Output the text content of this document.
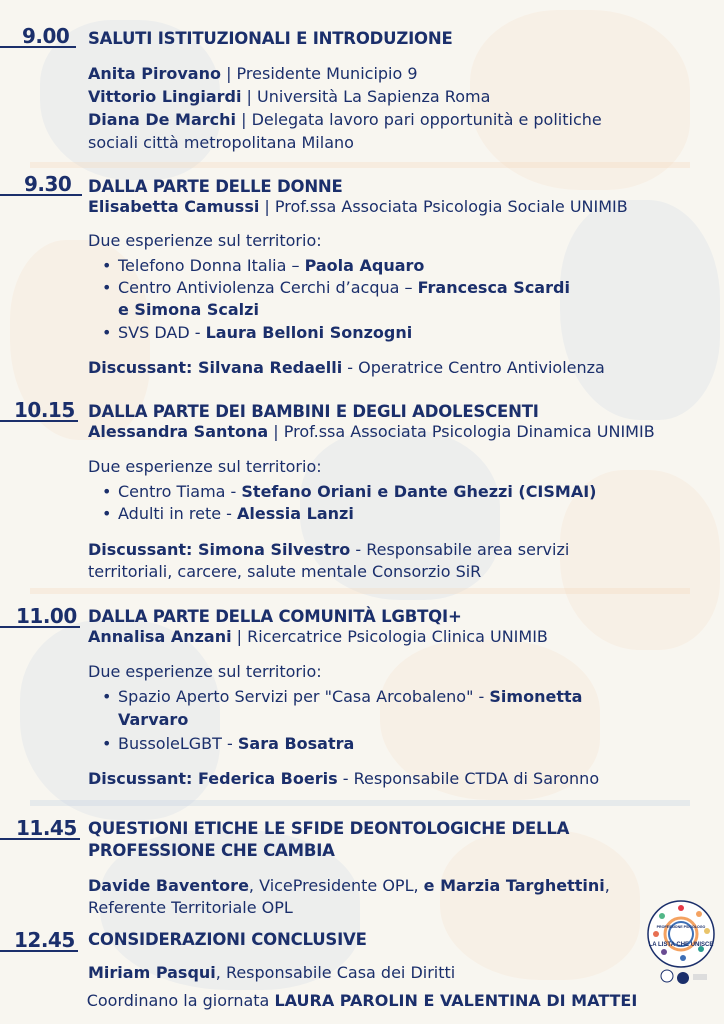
9.00 SALUTI ISTITUZIONALI E INTRODUZIONE
Anita Pirovano | Presidente Municipio 9
Vittorio Lingiardi | Università La Sapienza Roma
Diana De Marchi | Delegata lavoro pari opportunità e politiche
sociali città metropolitana Milano
9.30 DALLA PARTE DELLE DONNE
Elisabetta Camussi | Prof.ssa Associata Psicologia Sociale UNIMIB
Due esperienze sul territorio:
• Telefono Donna Italia – Paola Aquaro
• Centro Antiviolenza Cerchi d’acqua – Francesca Scardi
e Simona Scalzi
• SVS DAD - Laura Belloni Sonzogni
Discussant: Silvana Redaelli - Operatrice Centro Antiviolenza
10.15 DALLA PARTE DEI BAMBINI E DEGLI ADOLESCENTI
Alessandra Santona | Prof.ssa Associata Psicologia Dinamica UNIMIB
Due esperienze sul territorio:
• Centro Tiama - Stefano Oriani e Dante Ghezzi (CISMAI)
• Adulti in rete - Alessia Lanzi
Discussant: Simona Silvestro - Responsabile area servizi
territoriali, carcere, salute mentale Consorzio SiR
11.00 DALLA PARTE DELLA COMUNITÀ LGBTQI+
Annalisa Anzani | Ricercatrice Psicologia Clinica UNIMIB
Due esperienze sul territorio:
• Spazio Aperto Servizi per "Casa Arcobaleno" - Simonetta
Varvaro
• BussoleLGBT - Sara Bosatra
Discussant: Federica Boeris - Responsabile CTDA di Saronno
11.45 QUESTIONI ETICHE LE SFIDE DEONTOLOGICHE DELLA
PROFESSIONE CHE CAMBIA
Davide Baventore, VicePresidente OPL, e Marzia Targhettini,
Referente Territoriale OPL
12.45 CONSIDERAZIONI CONCLUSIVE
Miriam Pasqui, Responsabile Casa dei Diritti
PROFESSIONE PSICOLOGO
LA LISTA CHE UNISCE
Coordinano la giornata LAURA PAROLIN E VALENTINA DI MATTEI
